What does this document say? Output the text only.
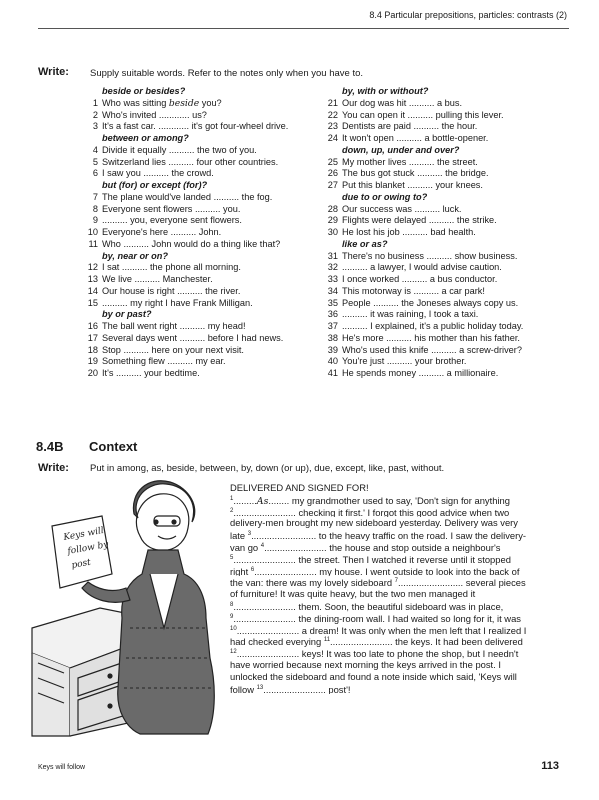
8.4 Particular prepositions, particles: contrasts (2)
Write: Supply suitable words. Refer to the notes only when you have to.
beside or besides?
1 Who was sitting beside you?
2 Who's invited ............ us?
3 It's a fast car. ............ it's got four-wheel drive.
between or among?
4 Divide it equally .......... the two of you.
5 Switzerland lies .......... four other countries.
6 I saw you .......... the crowd.
but (for) or except (for)?
7 The plane would've landed .......... the fog.
8 Everyone sent flowers .......... you.
9 .......... you, everyone sent flowers.
10 Everyone's here .......... John.
11 Who .......... John would do a thing like that?
by, near or on?
12 I sat .......... the phone all morning.
13 We live .......... Manchester.
14 Our house is right .......... the river.
15 .......... my right I have Frank Milligan.
by or past?
16 The ball went right .......... my head!
17 Several days went .......... before I had news.
18 Stop .......... here on your next visit.
19 Something flew .......... my ear.
20 It's .......... your bedtime.
by, with or without?
21 Our dog was hit .......... a bus.
22 You can open it .......... pulling this lever.
23 Dentists are paid .......... the hour.
24 It won't open .......... a bottle-opener.
down, up, under and over?
25 My mother lives .......... the street.
26 The bus got stuck .......... the bridge.
27 Put this blanket .......... your knees.
due to or owing to?
28 Our success was .......... luck.
29 Flights were delayed .......... the strike.
30 He lost his job .......... bad health.
like or as?
31 There's no business .......... show business.
32 .......... a lawyer, I would advise caution.
33 I once worked .......... a bus conductor.
34 This motorway is .......... a car park!
35 People .......... the Joneses always copy us.
36 .......... it was raining, I took a taxi.
37 .......... I explained, it's a public holiday today.
38 He's more .......... his mother than his father.
39 Who's used this knife .......... a screw-driver?
40 You're just .......... your brother.
41 He spends money .......... a millionaire.
8.4B Context
Write: Put in among, as, beside, between, by, down (or up), due, except, like, past, without.
Keys will
follow by
post
DELIVERED AND SIGNED FOR!
$^1$.........As........ my grandmother used to say, 'Don't sign for anything
$^2$........................ checking it first.' I forgot this good advice when two
delivery-men brought my new sideboard yesterday. Delivery was very
late $^3$......................... to the heavy traffic on the road. I saw the delivery-
van go $^4$........................ the house and stop outside a neighbour's
$^5$........................ the street. Then I watched it reverse until it stopped
right $^6$........................ my house. I went outside to look into the back of
the van: there was my lovely sideboard $^7$......................... several pieces
of furniture! It was quite heavy, but the two men managed it
$^8$........................ them. Soon, the beautiful sideboard was in place,
$^9$........................ the dining-room wall. I had waited so long for it, it was
$^{10}$........................ a dream! It was only when the men left that I realized I
had checked everying $^{11}$........................ the keys. It had been delivered
$^{12}$........................ keys! It was too late to phone the shop, but I needn't
have worried because next morning the keys arrived in the post. I
unlocked the sideboard and found a note inside which said, 'Keys will
follow $^{13}$........................ post'!
Keys will follow	113
